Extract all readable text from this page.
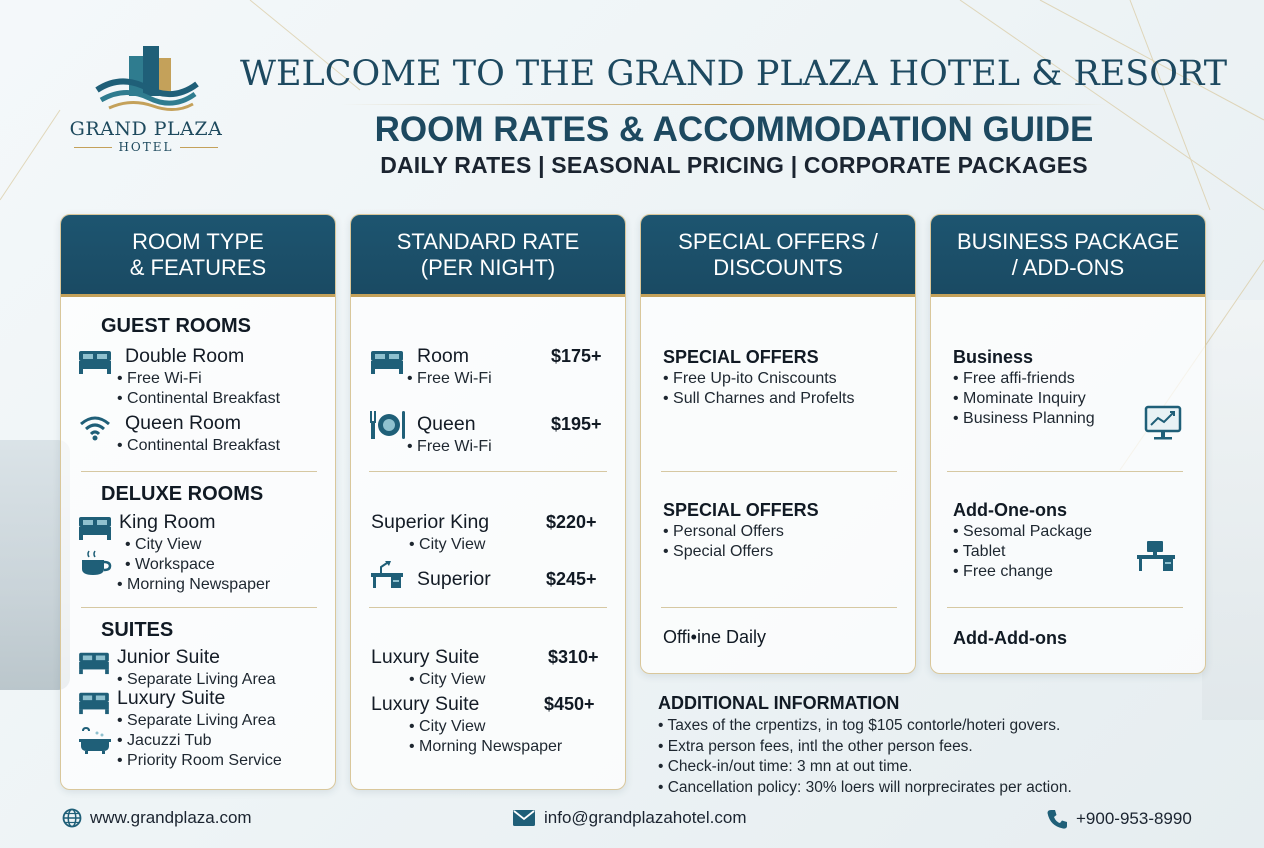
GRAND PLAZA
HOTEL
WELCOME TO THE GRAND PLAZA HOTEL & RESORT
ROOM RATES & ACCOMMODATION GUIDE
DAILY RATES | SEASONAL PRICING | CORPORATE PACKAGES
ROOM TYPE
& FEATURES
GUEST ROOMS
Double Room
• Free Wi-Fi
• Continental Breakfast
Queen Room
• Continental Breakfast
DELUXE ROOMS
King Room
• City View
• Workspace
• Morning Newspaper
SUITES
Junior Suite
• Separate Living Area
Luxury Suite
• Separate Living Area
• Jacuzzi Tub
• Priority Room Service
STANDARD RATE
(PER NIGHT)
Room	$175+
• Free Wi-Fi
Queen	$195+
• Free Wi-Fi
Superior King	$220+
• City View
Superior	$245+
Luxury Suite	$310+
• City View
Luxury Suite	$450+
• City View
• Morning Newspaper
SPECIAL OFFERS /
DISCOUNTS
SPECIAL OFFERS
• Free Up-ito Cniscounts
• Sull Charnes and Profelts
SPECIAL OFFERS
• Personal Offers
• Special Offers
Offi•ine Daily
BUSINESS PACKAGE
/ ADD-ONS
Business
• Free affi-friends
• Mominate Inquiry
• Business Planning
Add-One-ons
• Sesomal Package
• Tablet
• Free change
Add-Add-ons
ADDITIONAL INFORMATION
• Taxes of the crpentizs, in tog $105 contorle/hoteri govers.
• Extra person fees, intl the other person fees.
• Check-in/out time: 3 mn at out time.
• Cancellation policy: 30% loers will norprecirates per action.
www.grandplaza.com	info@grandplazahotel.com	+900-953-8990
